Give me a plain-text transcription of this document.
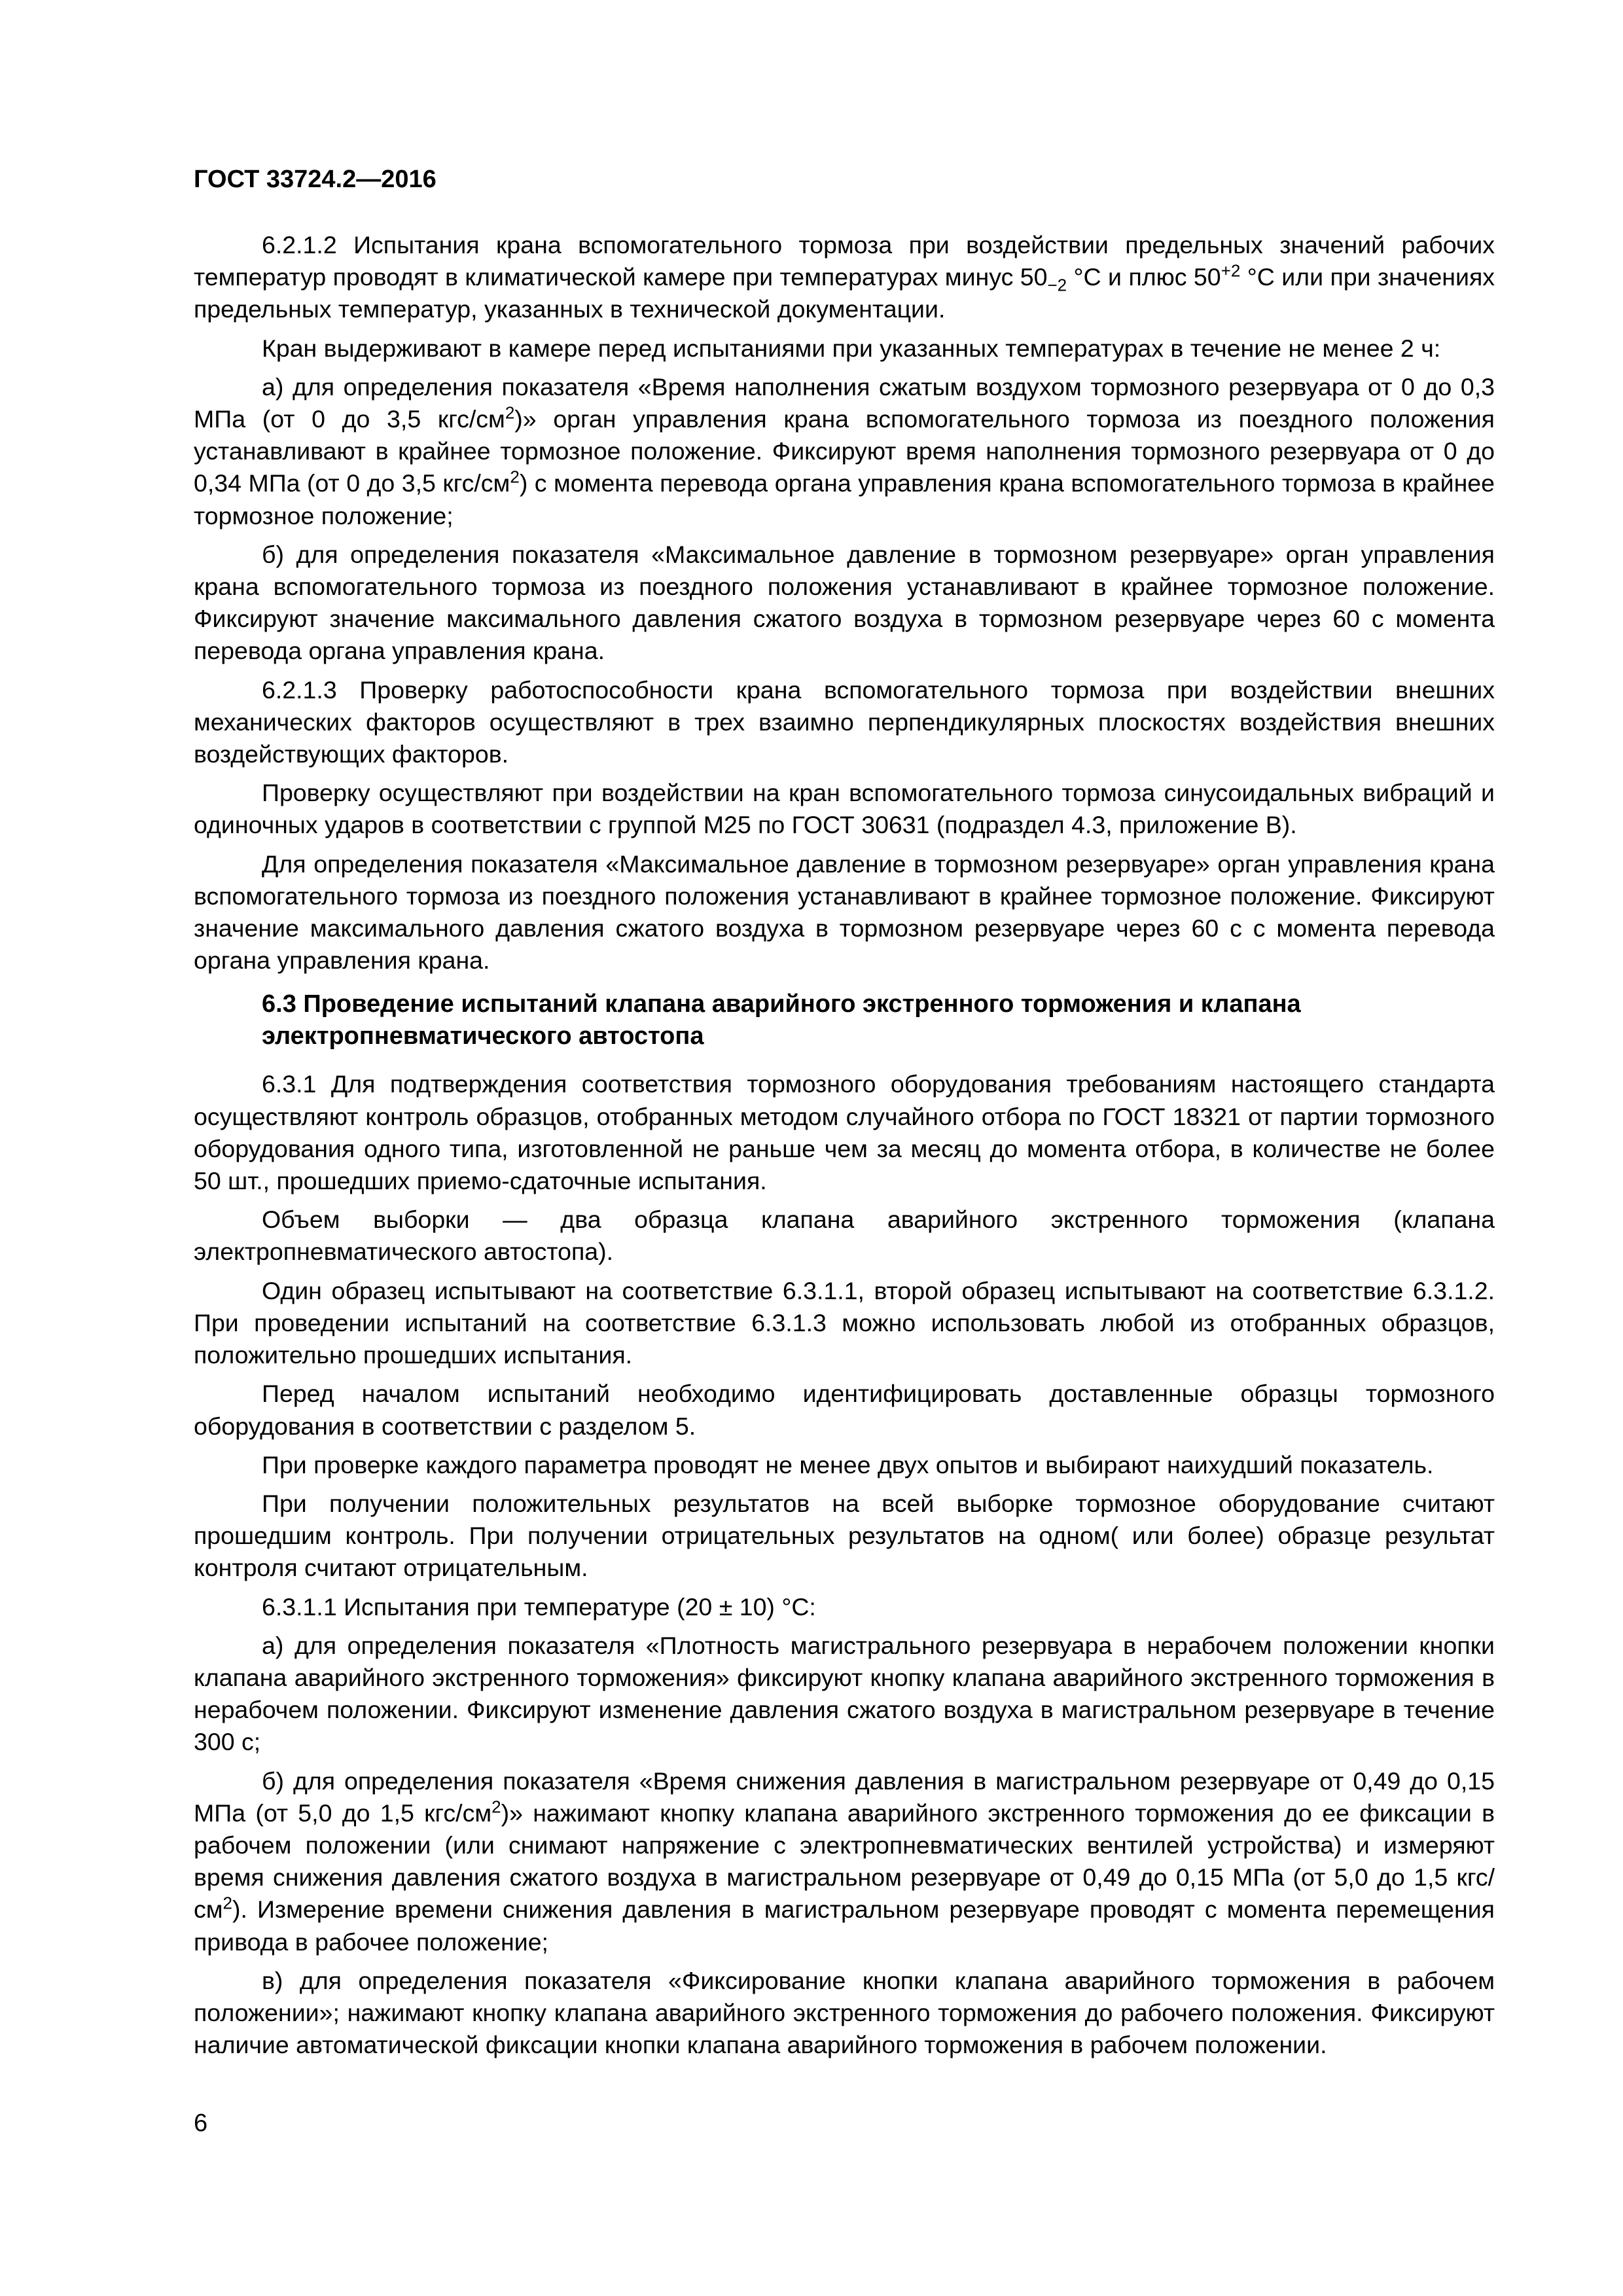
ГОСТ 33724.2—2016

6.2.1.2 Испытания крана вспомогательного тормоза при воздействии предельных значений рабочих температур проводят в климатической камере при температурах минус $50_{-2}$ °С и плюс $50^{+2}$ °С или при значениях предельных температур, указанных в технической документации.

Кран выдерживают в камере перед испытаниями при указанных температурах в течение не менее 2 ч:

а) для определения показателя «Время наполнения сжатым воздухом тормозного резервуара от 0 до 0,3 МПа (от 0 до 3,5 кгс/$см^2$)» орган управления крана вспомогательного тормоза из поездного положения устанавливают в крайнее тормозное положение. Фиксируют время наполнения тормозного резервуара от 0 до 0,34 МПа (от 0 до 3,5 кгс/$см^2$) с момента перевода органа управления крана вспомогательного тормоза в крайнее тормозное положение;

б) для определения показателя «Максимальное давление в тормозном резервуаре» орган управления крана вспомогательного тормоза из поездного положения устанавливают в крайнее тормозное положение. Фиксируют значение максимального давления сжатого воздуха в тормозном резервуаре через 60 с момента перевода органа управления крана.

6.2.1.3 Проверку работоспособности крана вспомогательного тормоза при воздействии внешних механических факторов осуществляют в трех взаимно перпендикулярных плоскостях воздействия внешних воздействующих факторов.

Проверку осуществляют при воздействии на кран вспомогательного тормоза синусоидальных вибраций и одиночных ударов в соответствии с группой М25 по ГОСТ 30631 (подраздел 4.3, приложение В).

Для определения показателя «Максимальное давление в тормозном резервуаре» орган управления крана вспомогательного тормоза из поездного положения устанавливают в крайнее тормозное положение. Фиксируют значение максимального давления сжатого воздуха в тормозном резервуаре через 60 с с момента перевода органа управления крана.

6.3 Проведение испытаний клапана аварийного экстренного торможения и клапана электропневматического автостопа

6.3.1 Для подтверждения соответствия тормозного оборудования требованиям настоящего стандарта осуществляют контроль образцов, отобранных методом случайного отбора по ГОСТ 18321 от партии тормозного оборудования одного типа, изготовленной не раньше чем за месяц до момента отбора, в количестве не более 50 шт., прошедших приемо-сдаточные испытания.

Объем выборки — два образца клапана аварийного экстренного торможения (клапана электропневматического автостопа).

Один образец испытывают на соответствие 6.3.1.1, второй образец испытывают на соответствие 6.3.1.2. При проведении испытаний на соответствие 6.3.1.3 можно использовать любой из отобранных образцов, положительно прошедших испытания.

Перед началом испытаний необходимо идентифицировать доставленные образцы тормозного оборудования в соответствии с разделом 5.

При проверке каждого параметра проводят не менее двух опытов и выбирают наихудший показатель.

При получении положительных результатов на всей выборке тормозное оборудование считают прошедшим контроль. При получении отрицательных результатов на одном( или более) образце результат контроля считают отрицательным.

6.3.1.1 Испытания при температуре (20 ± 10) °С:

а) для определения показателя «Плотность магистрального резервуара в нерабочем положении кнопки клапана аварийного экстренного торможения» фиксируют кнопку клапана аварийного экстренного торможения в нерабочем положении. Фиксируют изменение давления сжатого воздуха в магистральном резервуаре в течение 300 с;

б) для определения показателя «Время снижения давления в магистральном резервуаре от 0,49 до 0,15 МПа (от 5,0 до 1,5 кгс/$см^2$)» нажимают кнопку клапана аварийного экстренного торможения до ее фиксации в рабочем положении (или снимают напряжение с электропневматических вентилей устройства) и измеряют время снижения давления сжатого воздуха в магистральном резервуаре от 0,49 до 0,15 МПа (от 5,0 до 1,5 кгс/$см^2$). Измерение времени снижения давления в магистральном резервуаре проводят с момента перемещения привода в рабочее положение;

в) для определения показателя «Фиксирование кнопки клапана аварийного торможения в рабочем положении»; нажимают кнопку клапана аварийного экстренного торможения до рабочего положения. Фиксируют наличие автоматической фиксации кнопки клапана аварийного торможения в рабочем положении.

6
